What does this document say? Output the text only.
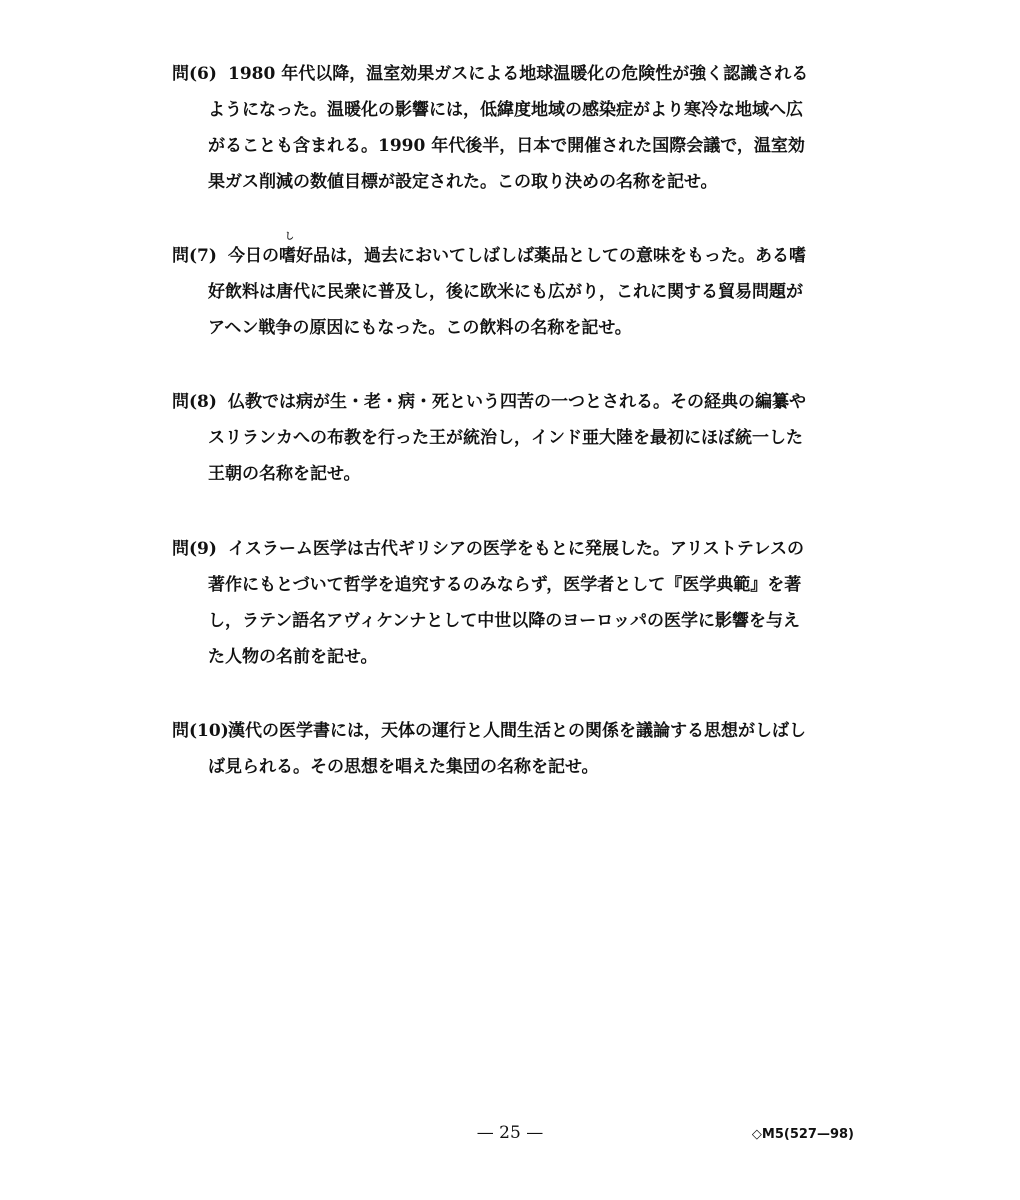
問(6) 1980 年代以降，温室効果ガスによる地球温暖化の危険性が強く認識される
ようになった。温暖化の影響には，低緯度地域の感染症がより寒冷な地域へ広
がることも含まれる。1990 年代後半，日本で開催された国際会議で，温室効
果ガス削減の数値目標が設定された。この取り決めの名称を記せ。
問(7)
し
今日の嗜好品は，過去においてしばしば薬品としての意味をもった。ある嗜
好飲料は唐代に民衆に普及し，後に欧米にも広がり，これに関する貿易問題が
アヘン戦争の原因にもなった。この飲料の名称を記せ。
問(8) 仏教では病が生・老・病・死という四苦の一つとされる。その経典の編纂や
スリランカへの布教を行った王が統治し，インド亜大陸を最初にほぼ統一した
王朝の名称を記せ。
問(9) イスラーム医学は古代ギリシアの医学をもとに発展した。アリストテレスの
著作にもとづいて哲学を追究するのみならず，医学者として『医学典範』を著
し，ラテン語名アヴィケンナとして中世以降のヨーロッパの医学に影響を与え
た人物の名前を記せ。
問(10) 漢代の医学書には，天体の運行と人間生活との関係を議論する思想がしばし
ば見られる。その思想を唱えた集団の名称を記せ。
— 25 —	◇M5(527—98)
